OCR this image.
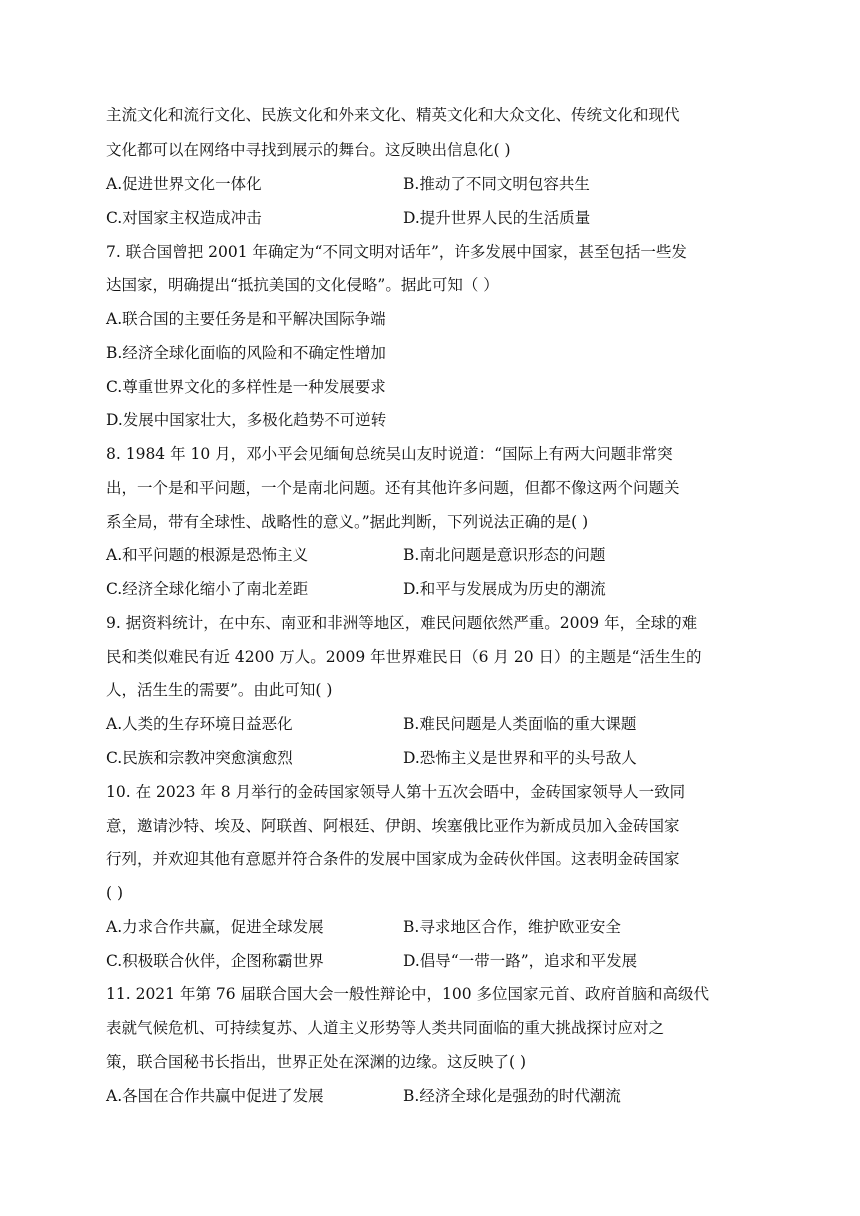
主流文化和流行文化、民族文化和外来文化、精英文化和大众文化、传统文化和现代
文化都可以在网络中寻找到展示的舞台。这反映出信息化( )
A.促进世界文化一体化	B.推动了不同文明包容共生
C.对国家主权造成冲击	D.提升世界人民的生活质量
7. 联合国曾把 2001 年确定为“不同文明对话年”，许多发展中国家，甚至包括一些发
达国家，明确提出“抵抗美国的文化侵略”。据此可知（ ）
A.联合国的主要任务是和平解决国际争端
B.经济全球化面临的风险和不确定性增加
C.尊重世界文化的多样性是一种发展要求
D.发展中国家壮大，多极化趋势不可逆转
8. 1984 年 10 月，邓小平会见缅甸总统吴山友时说道：“国际上有两大问题非常突
出，一个是和平问题，一个是南北问题。还有其他许多问题，但都不像这两个问题关
系全局，带有全球性、战略性的意义。”据此判断，下列说法正确的是( )
A.和平问题的根源是恐怖主义	B.南北问题是意识形态的问题
C.经济全球化缩小了南北差距	D.和平与发展成为历史的潮流
9. 据资料统计，在中东、南亚和非洲等地区，难民问题依然严重。2009 年，全球的难
民和类似难民有近 4200 万人。2009 年世界难民日（6 月 20 日）的主题是“活生生的
人，活生生的需要”。由此可知( )
A.人类的生存环境日益恶化	B.难民问题是人类面临的重大课题
C.民族和宗教冲突愈演愈烈	D.恐怖主义是世界和平的头号敌人
10. 在 2023 年 8 月举行的金砖国家领导人第十五次会晤中，金砖国家领导人一致同
意，邀请沙特、埃及、阿联酋、阿根廷、伊朗、埃塞俄比亚作为新成员加入金砖国家
行列，并欢迎其他有意愿并符合条件的发展中国家成为金砖伙伴国。这表明金砖国家
( )
A.力求合作共赢，促进全球发展	B.寻求地区合作，维护欧亚安全
C.积极联合伙伴，企图称霸世界	D.倡导“一带一路”，追求和平发展
11. 2021 年第 76 届联合国大会一般性辩论中，100 多位国家元首、政府首脑和高级代
表就气候危机、可持续复苏、人道主义形势等人类共同面临的重大挑战探讨应对之
策，联合国秘书长指出，世界正处在深渊的边缘。这反映了( )
A.各国在合作共赢中促进了发展	B.经济全球化是强劲的时代潮流
